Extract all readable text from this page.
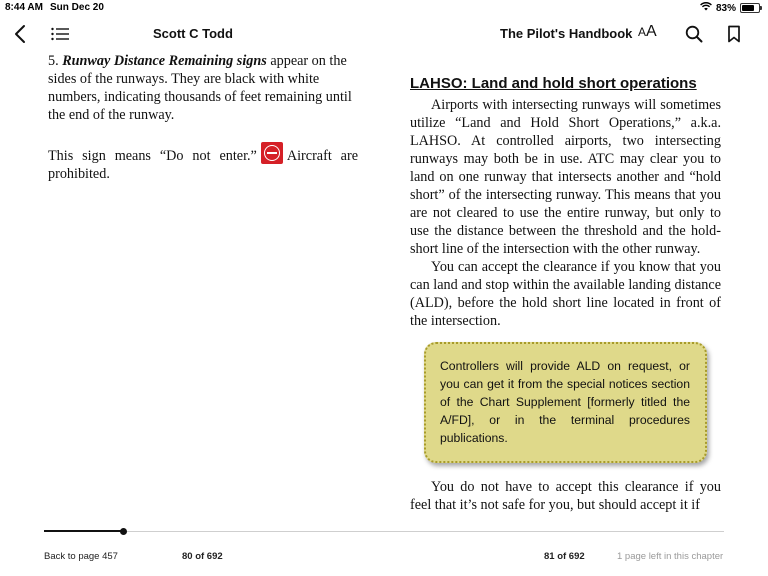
8:44 AM Sun Dec 20	83%
Scott C Todd	The Pilot's Handbook AA

5. Runway Distance Remaining signs appear on the sides of the runways. They are black with white numbers, indicating thousands of feet remaining until the end of the runway.

This sign means “Do not enter.” Aircraft are prohibited.

LAHSO: Land and hold short operations

Airports with intersecting runways will sometimes utilize “Land and Hold Short Operations,” a.k.a. LAHSO. At controlled airports, two intersecting runways may both be in use. ATC may clear you to land on one runway that intersects another and “hold short” of the intersecting runway. This means that you are not cleared to use the entire runway, but only to use the distance between the threshold and the hold-short line of the intersection with the other runway.

You can accept the clearance if you know that you can land and stop within the available landing distance (ALD), before the hold short line located in front of the intersection.

Controllers will provide ALD on request, or you can get it from the special notices section of the Chart Supplement [formerly titled the A/FD], or in the terminal procedures publications.
You do not have to accept this clearance if you feel that it’s not safe for you, but should accept it if
Back to page 457	80 of 692	81 of 692	1 page left in this chapter
